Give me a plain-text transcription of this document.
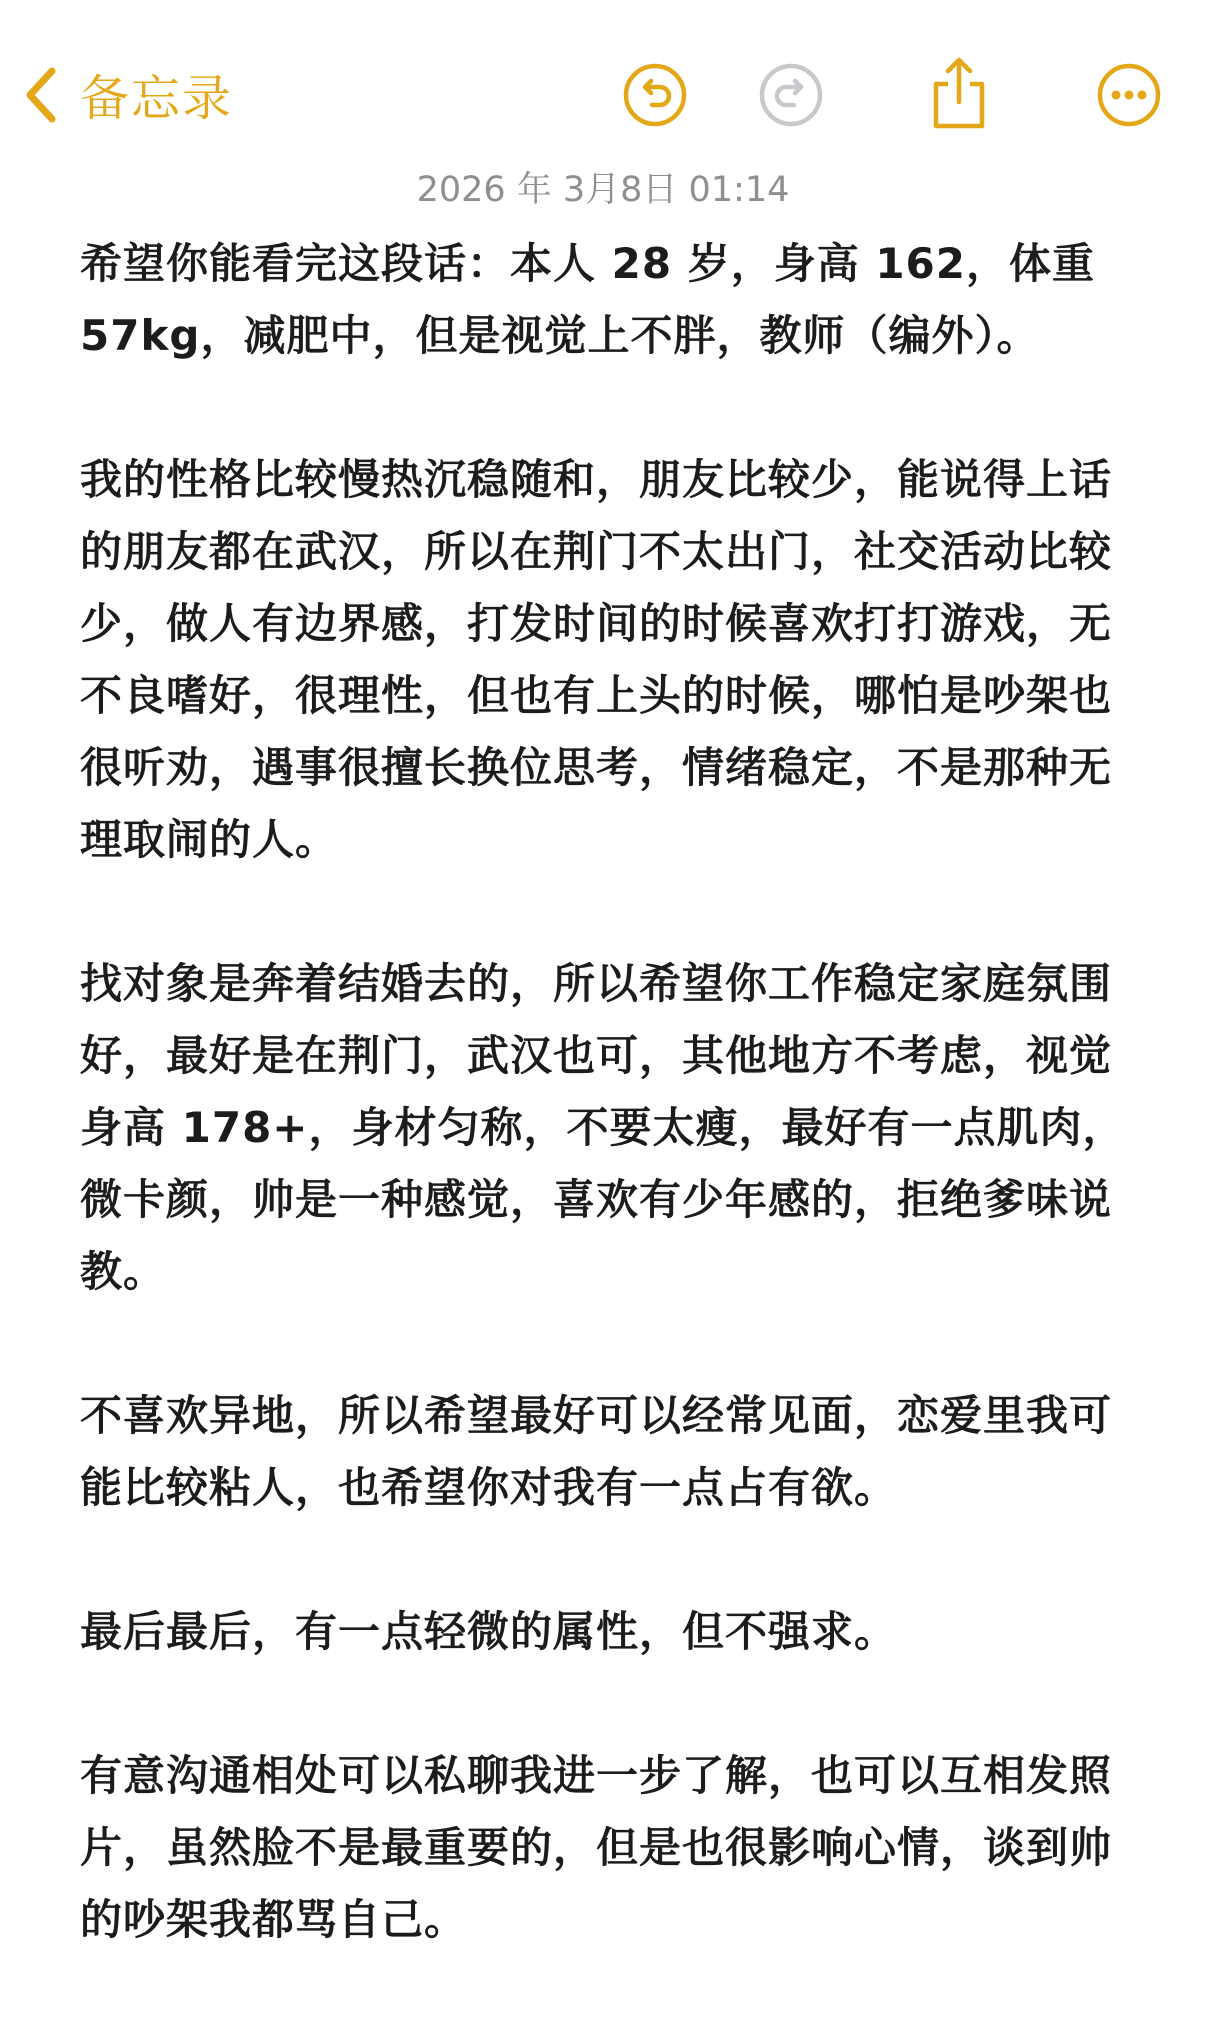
备忘录
2026 年 3月8日 01:14

希望你能看完这段话：本人 28 岁，身高 162，体重 57kg，减肥中，但是视觉上不胖，教师（编外）。

我的性格比较慢热沉稳随和，朋友比较少，能说得上话的朋友都在武汉，所以在荆门不太出门，社交活动比较少，做人有边界感，打发时间的时候喜欢打打游戏，无不良嗜好，很理性，但也有上头的时候，哪怕是吵架也很听劝，遇事很擅长换位思考，情绪稳定，不是那种无理取闹的人。

找对象是奔着结婚去的，所以希望你工作稳定家庭氛围好，最好是在荆门，武汉也可，其他地方不考虑，视觉身高 178+，身材匀称，不要太瘦，最好有一点肌肉，微卡颜，帅是一种感觉，喜欢有少年感的，拒绝爹味说教。

不喜欢异地，所以希望最好可以经常见面，恋爱里我可能比较粘人，也希望你对我有一点占有欲。

最后最后，有一点轻微的属性，但不强求。

有意沟通相处可以私聊我进一步了解，也可以互相发照片，虽然脸不是最重要的，但是也很影响心情，谈到帅的吵架我都骂自己。
